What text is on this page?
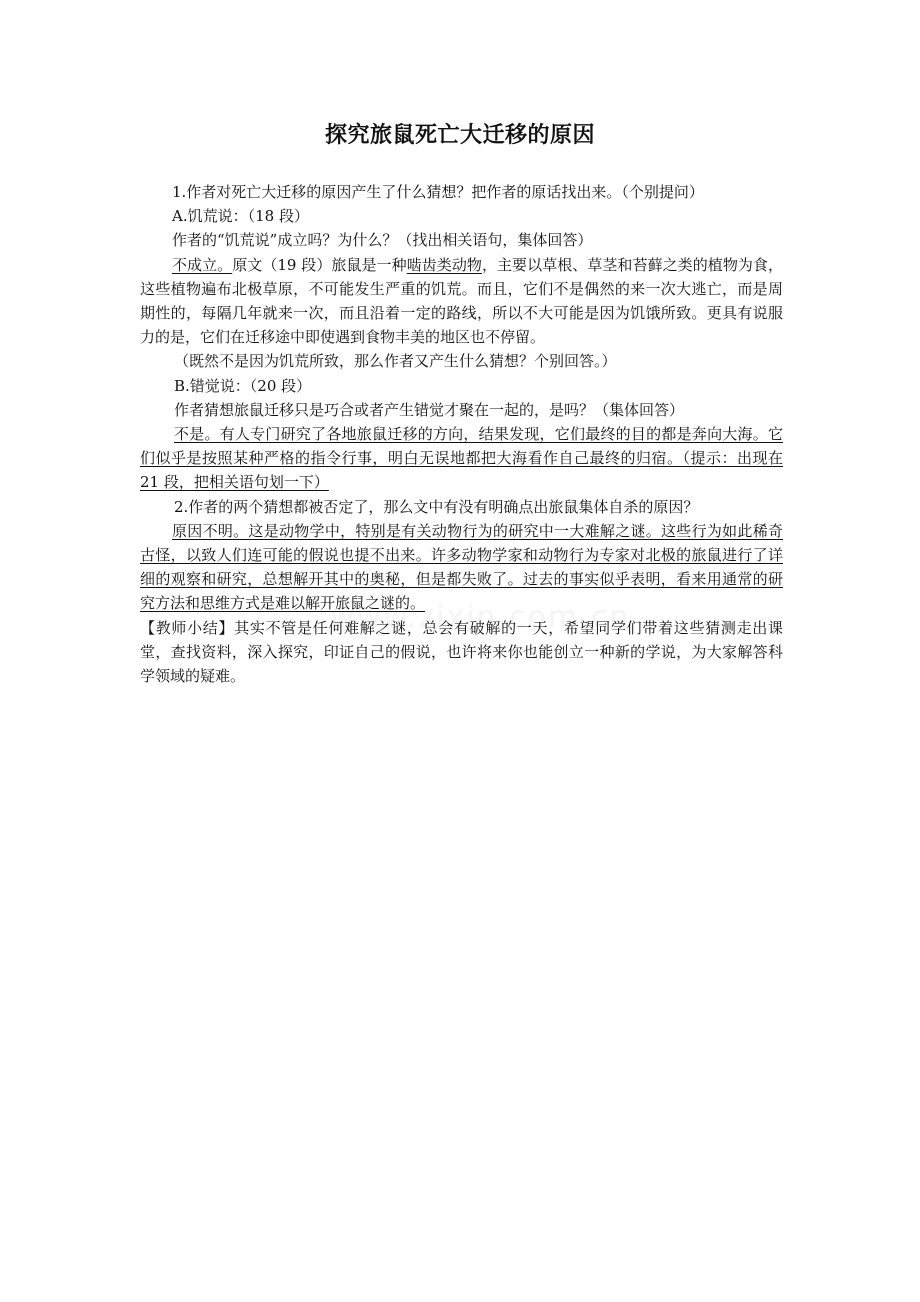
探究旅鼠死亡大迁移的原因

1.作者对死亡大迁移的原因产生了什么猜想？把作者的原话找出来。（个别提问）

A.饥荒说：（18 段）

作者的“饥荒说”成立吗？为什么？（找出相关语句，集体回答）

不成立。原文（19 段）旅鼠是一种啮齿类动物，主要以草根、草茎和苔藓之类的植物为食，这些植物遍布北极草原，不可能发生严重的饥荒。而且，它们不是偶然的来一次大逃亡，而是周期性的，每隔几年就来一次，而且沿着一定的路线，所以不大可能是因为饥饿所致。更具有说服力的是，它们在迁移途中即使遇到食物丰美的地区也不停留。

（既然不是因为饥荒所致，那么作者又产生什么猜想？个别回答。）

B.错觉说：（20 段）

作者猜想旅鼠迁移只是巧合或者产生错觉才聚在一起的，是吗？（集体回答）

不是。有人专门研究了各地旅鼠迁移的方向，结果发现，它们最终的目的都是奔向大海。它们似乎是按照某种严格的指令行事，明白无误地都把大海看作自己最终的归宿。（提示：出现在 21 段，把相关语句划一下）

2.作者的两个猜想都被否定了，那么文中有没有明确点出旅鼠集体自杀的原因？

原因不明。这是动物学中，特别是有关动物行为的研究中一大难解之谜。这些行为如此稀奇古怪，以致人们连可能的假说也提不出来。许多动物学家和动物行为专家对北极的旅鼠进行了详细的观察和研究，总想解开其中的奥秘，但是都失败了。过去的事实似乎表明，看来用通常的研究方法和思维方式是难以解开旅鼠之谜的。

【教师小结】其实不管是任何难解之谜，总会有破解的一天，希望同学们带着这些猜测走出课堂，查找资料，深入探究，印证自己的假说，也许将来你也能创立一种新的学说，为大家解答科学领域的疑难。
